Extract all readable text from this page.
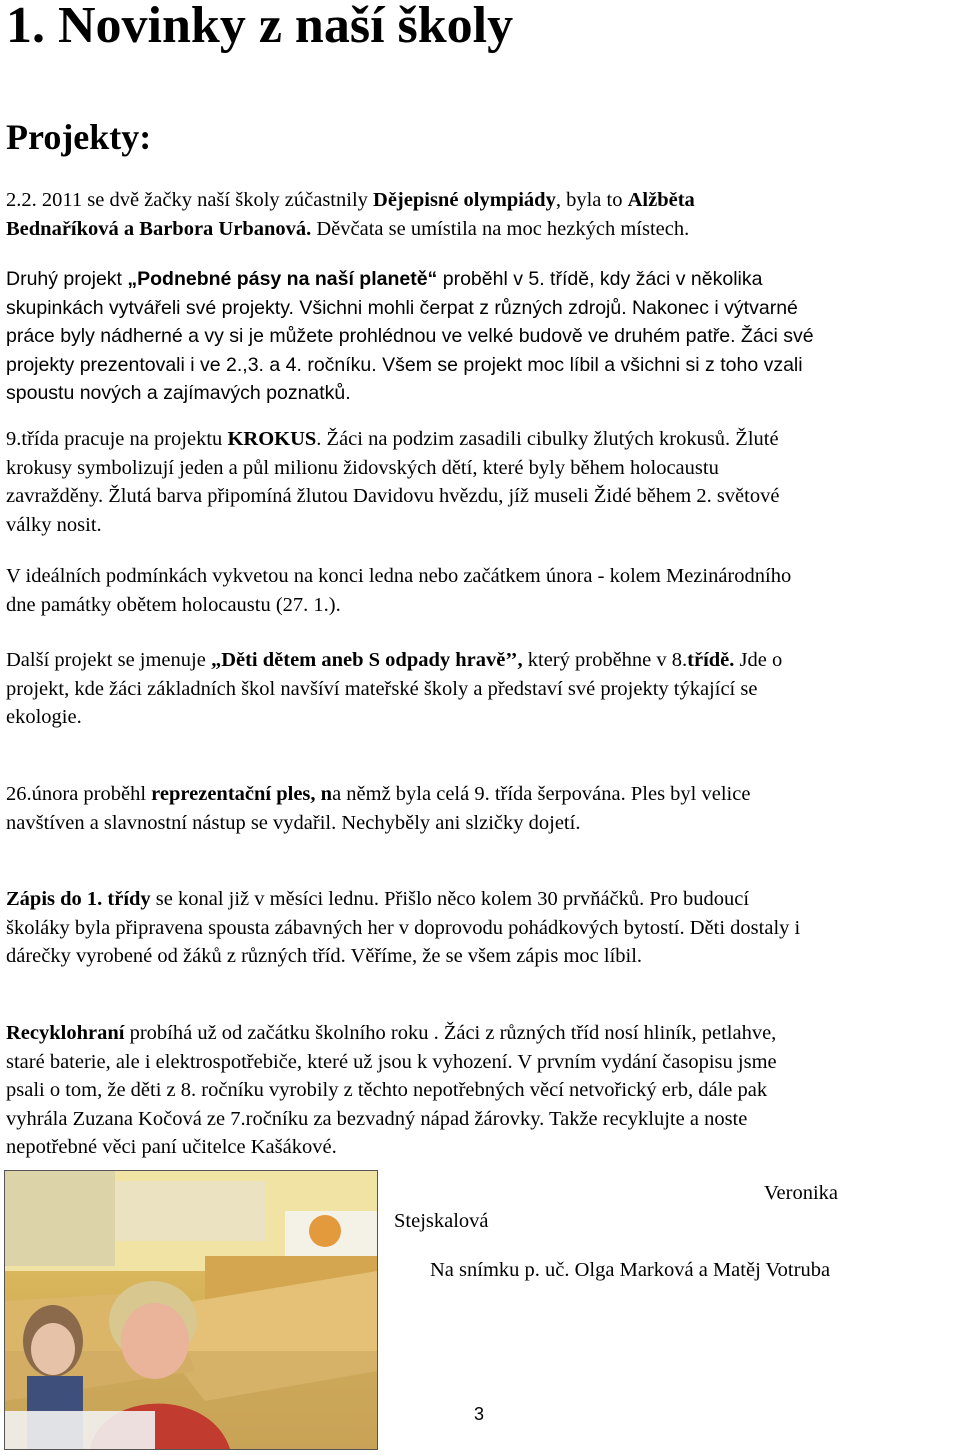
1. Novinky z naší školy
Projekty:

2.2. 2011 se dvě žačky naší školy zúčastnily Dějepisné olympiády, byla to Alžběta
Bednaříková a Barbora Urbanová. Děvčata se umístila na moc hezkých místech.

Druhý projekt „Podnebné pásy na naší planetě“ proběhl v 5. třídě, kdy žáci v několika
skupinkách vytvářeli své projekty. Všichni mohli čerpat z různých zdrojů. Nakonec i výtvarné
práce byly nádherné a vy si je můžete prohlédnou ve velké budově ve druhém patře. Žáci své
projekty prezentovali i ve 2.,3. a 4. ročníku. Všem se projekt moc líbil a všichni si z toho vzali
spoustu nových a zajímavých poznatků.

9.třída pracuje na projektu KROKUS. Žáci na podzim zasadili cibulky žlutých krokusů. Žluté
krokusy symbolizují jeden a půl milionu židovských dětí, které byly během holocaustu
zavražděny. Žlutá barva připomíná žlutou Davidovu hvězdu, jíž museli Židé během 2. světové
války nosit.

V ideálních podmínkách vykvetou na konci ledna nebo začátkem února - kolem Mezinárodního
dne památky obětem holocaustu (27. 1.).

Další projekt se jmenuje „Děti dětem aneb S odpady hravě’’, který proběhne v 8.třídě. Jde o
projekt, kde žáci základních škol navšíví mateřské školy a představí své projekty týkající se
ekologie.

26.února proběhl reprezentační ples, na němž byla celá 9. třída šerpována. Ples byl velice
navštíven a slavnostní nástup se vydařil. Nechyběly ani slzičky dojetí.

Zápis do 1. třídy se konal již v měsíci lednu. Přišlo něco kolem 30 prvňáčků. Pro budoucí
školáky byla připravena spousta zábavných her v doprovodu pohádkových bytostí. Děti dostaly i
dárečky vyrobené od žáků z různých tříd. Věříme, že se všem zápis moc líbil.

Recyklohraní probíhá už od začátku školního roku . Žáci z různých tříd nosí hliník, petlahve,
staré baterie, ale i elektrospotřebiče, které už jsou k vyhození. V prvním vydání časopisu jsme
psali o tom, že děti z 8. ročníku vyrobily z těchto nepotřebných věcí netvořický erb, dále pak
vyhrála Zuzana Kočová ze 7.ročníku za bezvadný nápad žárovky. Takže recyklujte a noste
nepotřebné věci paní učitelce Kašákové.

Veronika
Stejskalová
Na snímku p. uč. Olga Marková a Matěj Votruba
3
